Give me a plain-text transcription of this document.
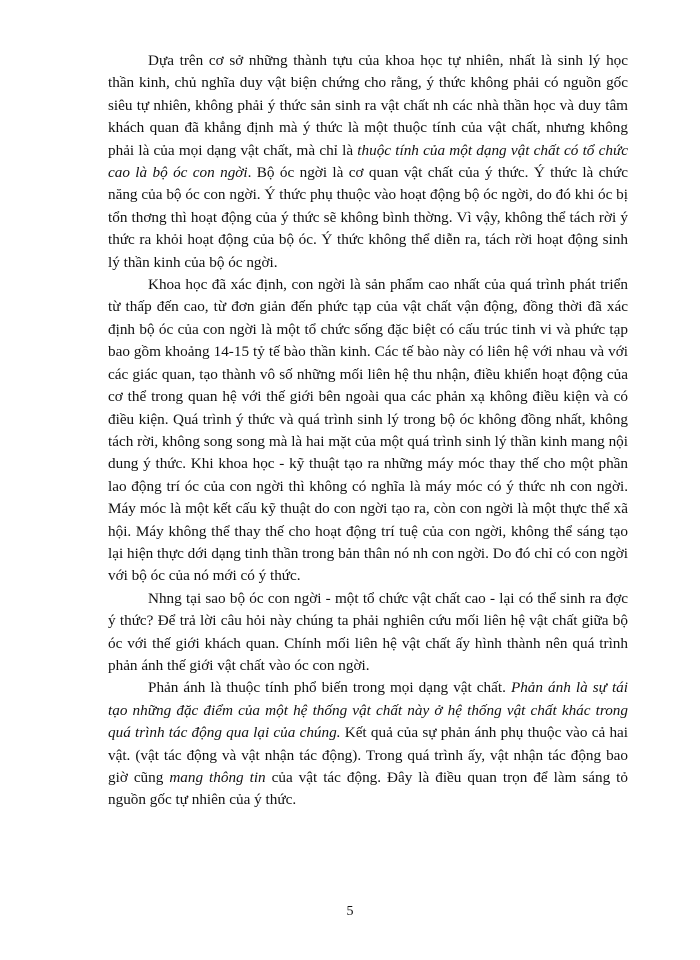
Dựa trên cơ sở những thành tựu của khoa học tự nhiên, nhất là sinh lý học thần kinh, chủ nghĩa duy vật biện chứng cho rằng, ý thức không phải có nguồn gốc siêu tự nhiên, không phải ý thức sản sinh ra vật chất nh các nhà thần học và duy tâm khách quan đã khẳng định mà ý thức là một thuộc tính của vật chất, nhưng không phải là của mọi dạng vật chất, mà chỉ là thuộc tính của một dạng vật chất có tổ chức cao là bộ óc con ngời. Bộ óc ngời là cơ quan vật chất của ý thức. Ý thức là chức năng của bộ óc con ngời. Ý thức phụ thuộc vào hoạt động bộ óc ngời, do đó khi óc bị tổn thơng thì hoạt động của ý thức sẽ không bình thờng. Vì vậy, không thể tách rời ý thức ra khỏi hoạt động của bộ óc. Ý thức không thể diễn ra, tách rời hoạt động sinh lý thần kinh của bộ óc ngời.

Khoa học đã xác định, con ngời là sản phẩm cao nhất của quá trình phát triển từ thấp đến cao, từ đơn giản đến phức tạp của vật chất vận động, đồng thời đã xác định bộ óc của con ngời là một tổ chức sống đặc biệt có cấu trúc tinh vi và phức tạp bao gồm khoảng 14-15 tỷ tế bào thần kinh. Các tế bào này có liên hệ với nhau và với các giác quan, tạo thành vô số những mối liên hệ thu nhận, điều khiển hoạt động của cơ thể trong quan hệ với thế giới bên ngoài qua các phản xạ không điều kiện và có điều kiện. Quá trình ý thức và quá trình sinh lý trong bộ óc không đồng nhất, không tách rời, không song song mà là hai mặt của một quá trình sinh lý thần kinh mang nội dung ý thức. Khi khoa học - kỹ thuật tạo ra những máy móc thay thế cho một phần lao động trí óc của con ngời thì không có nghĩa là máy móc có ý thức nh con ngời. Máy móc là một kết cấu kỹ thuật do con ngời tạo ra, còn con ngời là một thực thể xã hội. Máy không thể thay thế cho hoạt động trí tuệ của con ngời, không thể sáng tạo lại hiện thực dới dạng tinh thần trong bản thân nó nh con ngời. Do đó chỉ có con ngời với bộ óc của nó mới có ý thức.

Nhng tại sao bộ óc con ngời - một tổ chức vật chất cao - lại có thể sinh ra đợc ý thức? Để trả lời câu hỏi này chúng ta phải nghiên cứu mối liên hệ vật chất giữa bộ óc với thế giới khách quan. Chính mối liên hệ vật chất ấy hình thành nên quá trình phản ánh thế giới vật chất vào óc con ngời.

Phản ánh là thuộc tính phổ biến trong mọi dạng vật chất. Phản ánh là sự tái tạo những đặc điểm của một hệ thống vật chất này ở hệ thống vật chất khác trong quá trình tác động qua lại của chúng. Kết quả của sự phản ánh phụ thuộc vào cả hai vật. (vật tác động và vật nhận tác động). Trong quá trình ấy, vật nhận tác động bao giờ cũng mang thông tin của vật tác động. Đây là điều quan trọn để làm sáng tỏ nguồn gốc tự nhiên của ý thức.

5
